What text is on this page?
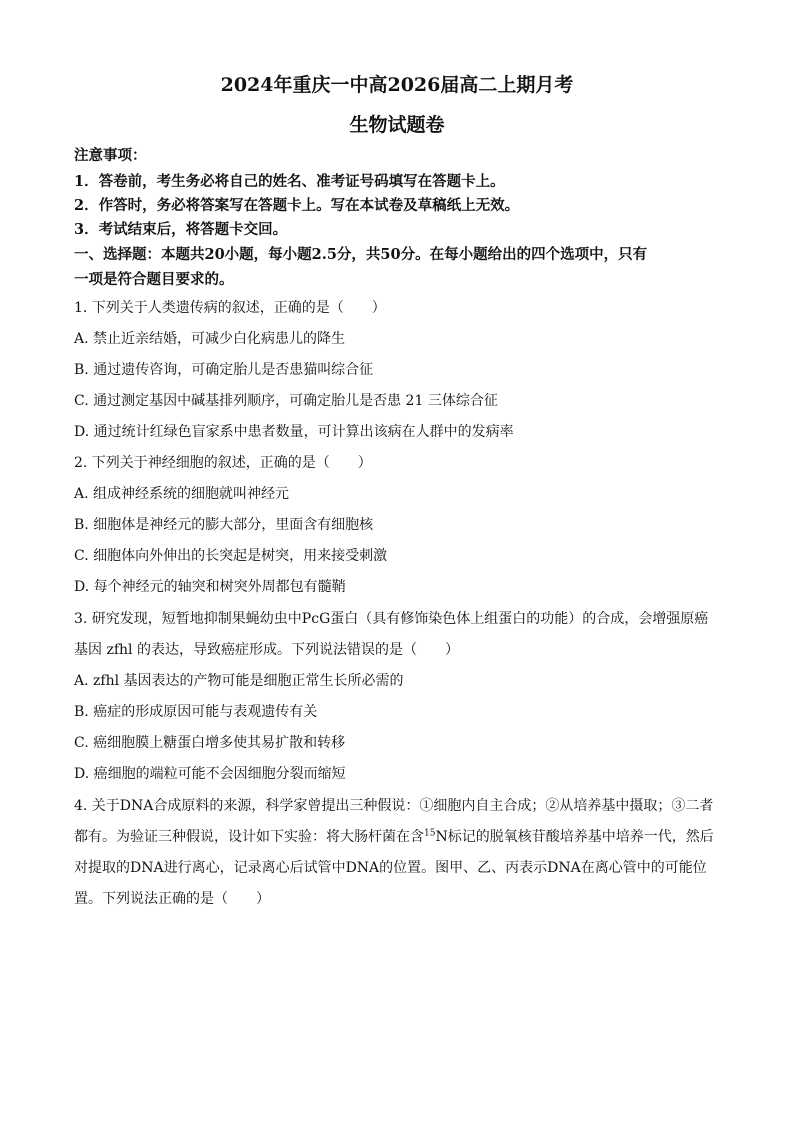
2024年重庆一中高2026届高二上期月考
生物试题卷
注意事项：
1．答卷前，考生务必将自己的姓名、准考证号码填写在答题卡上。
2．作答时，务必将答案写在答题卡上。写在本试卷及草稿纸上无效。
3．考试结束后，将答题卡交回。
一、选择题：本题共20小题，每小题2.5分，共50分。在每小题给出的四个选项中，只有
一项是符合题目要求的。
1. 下列关于人类遗传病的叙述，正确的是（　　）
A. 禁止近亲结婚，可减少白化病患儿的降生
B. 通过遗传咨询，可确定胎儿是否患猫叫综合征
C. 通过测定基因中碱基排列顺序，可确定胎儿是否患 21 三体综合征
D. 通过统计红绿色盲家系中患者数量，可计算出该病在人群中的发病率
2. 下列关于神经细胞的叙述，正确的是（　　）
A. 组成神经系统的细胞就叫神经元
B. 细胞体是神经元的膨大部分，里面含有细胞核
C. 细胞体向外伸出的长突起是树突，用来接受刺激
D. 每个神经元的轴突和树突外周都包有髓鞘
3. 研究发现，短暂地抑制果蝇幼虫中PcG蛋白（具有修饰染色体上组蛋白的功能）的合成，会增强原癌
基因 zfhl 的表达，导致癌症形成。下列说法错误的是（　　）
A. zfhl 基因表达的产物可能是细胞正常生长所必需的
B. 癌症的形成原因可能与表观遗传有关
C. 癌细胞膜上糖蛋白增多使其易扩散和转移
D. 癌细胞的端粒可能不会因细胞分裂而缩短
4. 关于DNA合成原料的来源，科学家曾提出三种假说：①细胞内自主合成；②从培养基中摄取；③二者
都有。为验证三种假说，设计如下实验：将大肠杆菌在含$^{15}$N标记的脱氧核苷酸培养基中培养一代，然后
对提取的DNA进行离心，记录离心后试管中DNA的位置。图甲、乙、丙表示DNA在离心管中的可能位
置。下列说法正确的是（　　）
